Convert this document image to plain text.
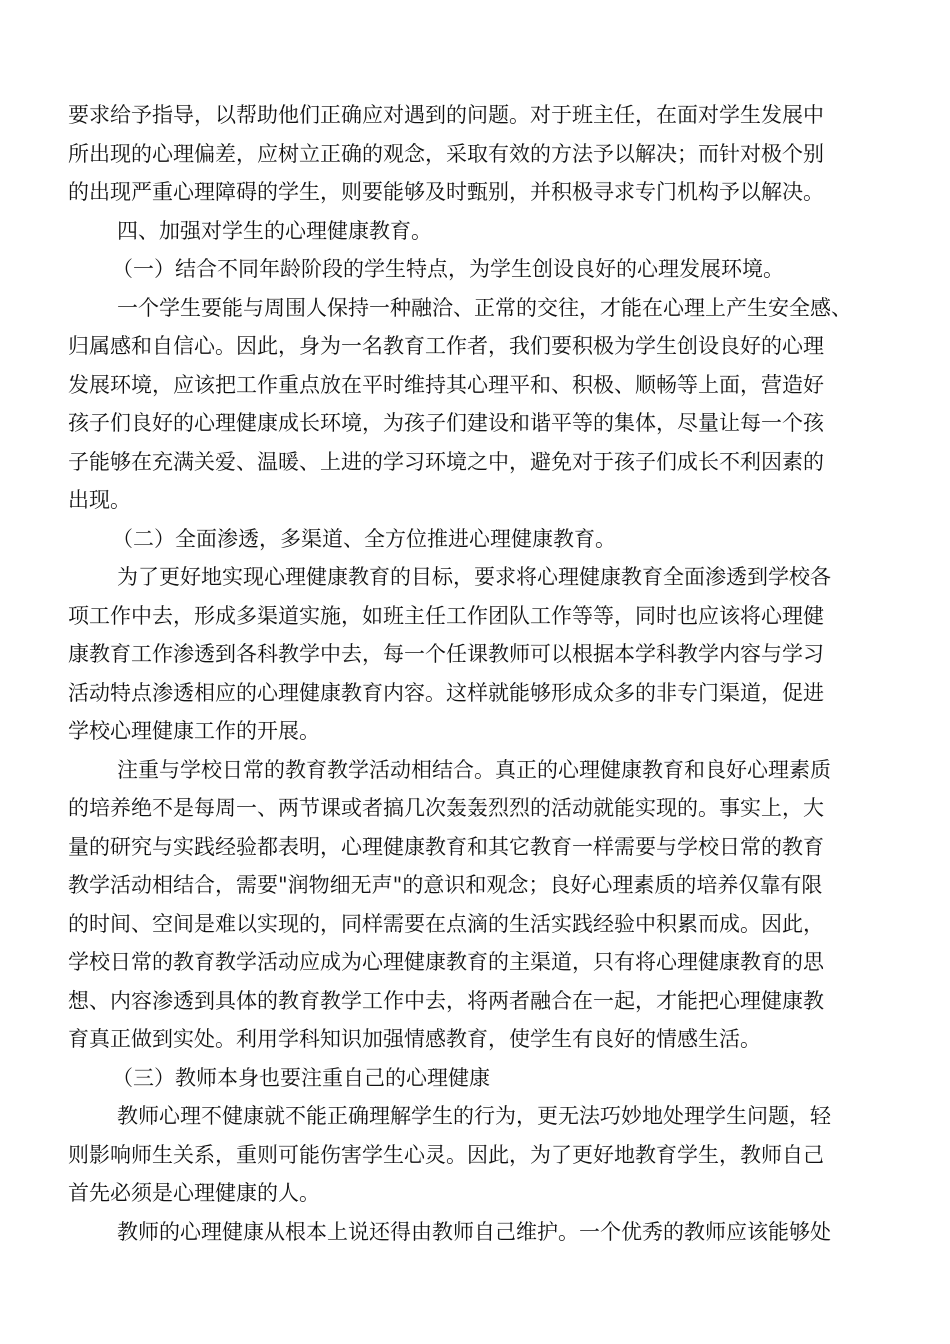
要求给予指导，以帮助他们正确应对遇到的问题。对于班主任，在面对学生发展中
所出现的心理偏差，应树立正确的观念，采取有效的方法予以解决；而针对极个别
的出现严重心理障碍的学生，则要能够及时甄别，并积极寻求专门机构予以解决。
四、加强对学生的心理健康教育。
（一）结合不同年龄阶段的学生特点，为学生创设良好的心理发展环境。
一个学生要能与周围人保持一种融洽、正常的交往，才能在心理上产生安全感、
归属感和自信心。因此，身为一名教育工作者，我们要积极为学生创设良好的心理
发展环境，应该把工作重点放在平时维持其心理平和、积极、顺畅等上面，营造好
孩子们良好的心理健康成长环境，为孩子们建设和谐平等的集体，尽量让每一个孩
子能够在充满关爱、温暖、上进的学习环境之中，避免对于孩子们成长不利因素的
出现。
（二）全面渗透，多渠道、全方位推进心理健康教育。
为了更好地实现心理健康教育的目标，要求将心理健康教育全面渗透到学校各
项工作中去，形成多渠道实施，如班主任工作团队工作等等，同时也应该将心理健
康教育工作渗透到各科教学中去，每一个任课教师可以根据本学科教学内容与学习
活动特点渗透相应的心理健康教育内容。这样就能够形成众多的非专门渠道，促进
学校心理健康工作的开展。
注重与学校日常的教育教学活动相结合。真正的心理健康教育和良好心理素质
的培养绝不是每周一、两节课或者搞几次轰轰烈烈的活动就能实现的。事实上，大
量的研究与实践经验都表明，心理健康教育和其它教育一样需要与学校日常的教育
教学活动相结合，需要"润物细无声"的意识和观念；良好心理素质的培养仅靠有限
的时间、空间是难以实现的，同样需要在点滴的生活实践经验中积累而成。因此，
学校日常的教育教学活动应成为心理健康教育的主渠道，只有将心理健康教育的思
想、内容渗透到具体的教育教学工作中去，将两者融合在一起，才能把心理健康教
育真正做到实处。利用学科知识加强情感教育，使学生有良好的情感生活。
（三）教师本身也要注重自己的心理健康
教师心理不健康就不能正确理解学生的行为，更无法巧妙地处理学生问题，轻
则影响师生关系，重则可能伤害学生心灵。因此，为了更好地教育学生，教师自己
首先必须是心理健康的人。
教师的心理健康从根本上说还得由教师自己维护。一个优秀的教师应该能够处
